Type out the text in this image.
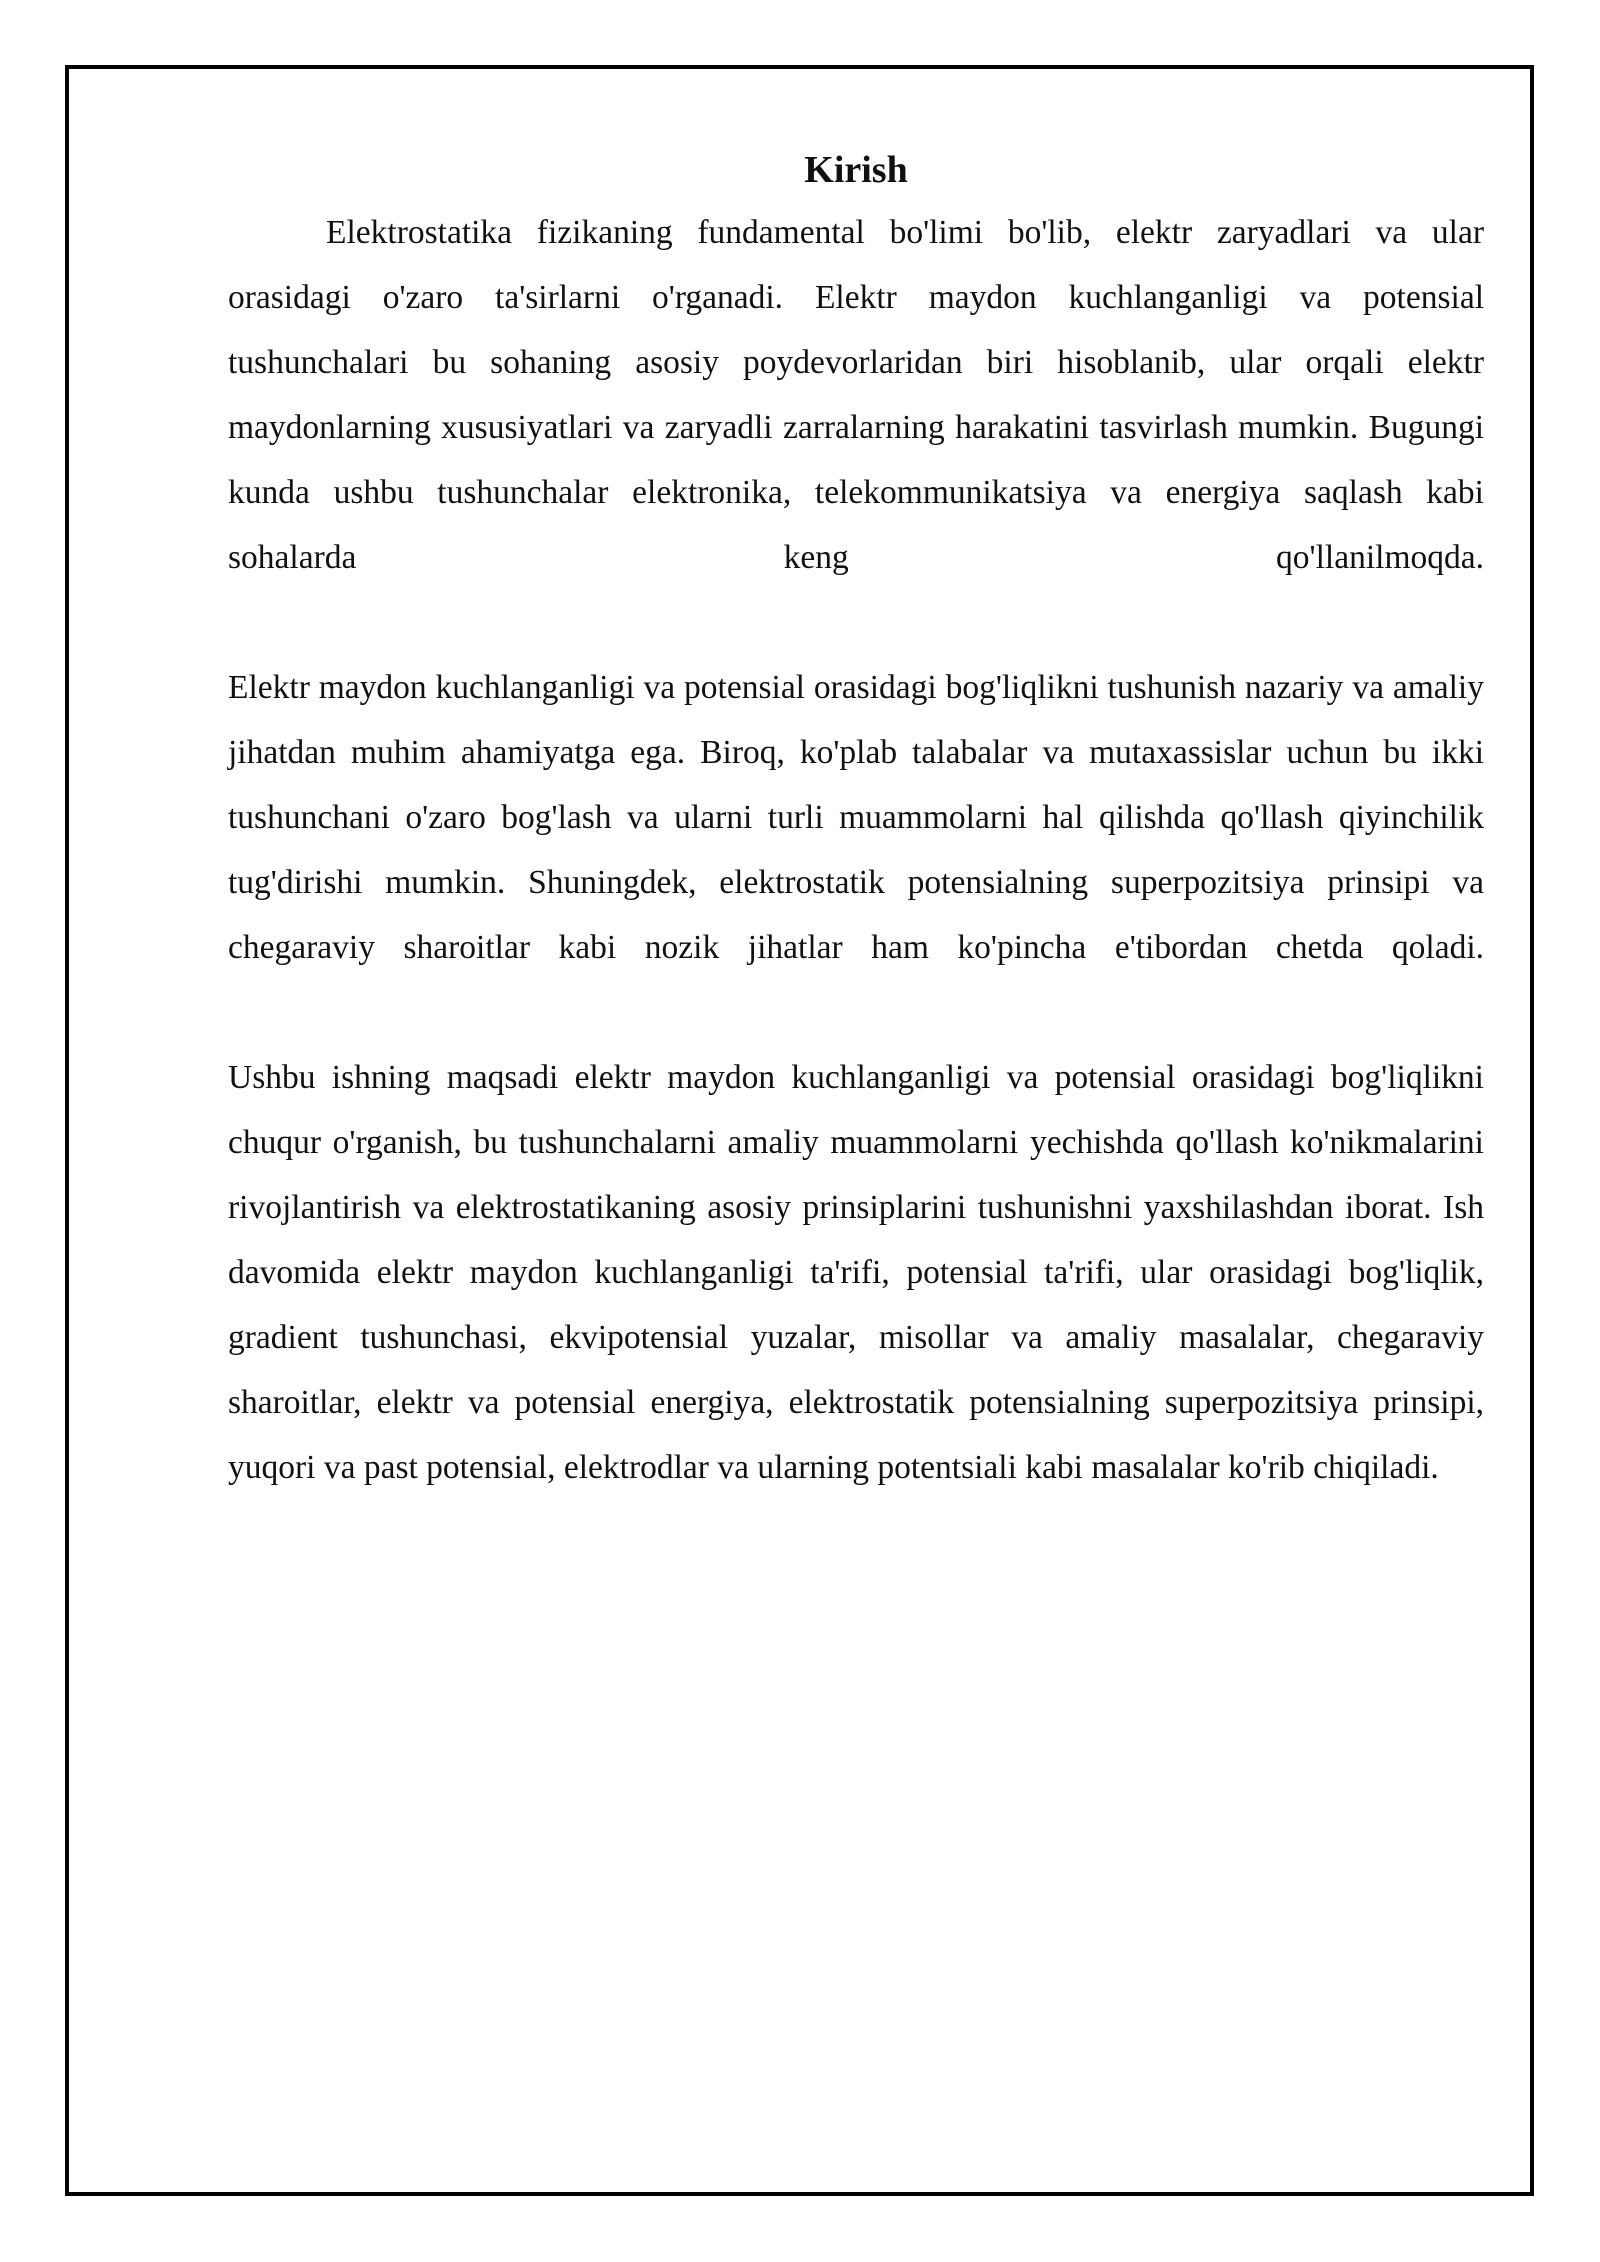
Kirish

Elektrostatika fizikaning fundamental bo'limi bo'lib, elektr zaryadlari va ular orasidagi o'zaro ta'sirlarni o'rganadi. Elektr maydon kuchlanganligi va potensial tushunchalari bu sohaning asosiy poydevorlaridan biri hisoblanib, ular orqali elektr maydonlarning xususiyatlari va zaryadli zarralarning harakatini tasvirlash mumkin. Bugungi kunda ushbu tushunchalar elektronika, telekommunikatsiya va energiya saqlash kabi sohalarda keng qo'llanilmoqda.

Elektr maydon kuchlanganligi va potensial orasidagi bog'liqlikni tushunish nazariy va amaliy jihatdan muhim ahamiyatga ega. Biroq, ko'plab talabalar va mutaxassislar uchun bu ikki tushunchani o'zaro bog'lash va ularni turli muammolarni hal qilishda qo'llash qiyinchilik tug'dirishi mumkin. Shuningdek, elektrostatik potensialning superpozitsiya prinsipi va chegaraviy sharoitlar kabi nozik jihatlar ham ko'pincha e'tibordan chetda qoladi.

Ushbu ishning maqsadi elektr maydon kuchlanganligi va potensial orasidagi bog'liqlikni chuqur o'rganish, bu tushunchalarni amaliy muammolarni yechishda qo'llash ko'nikmalarini rivojlantirish va elektrostatikaning asosiy prinsiplarini tushunishni yaxshilashdan iborat. Ish davomida elektr maydon kuchlanganligi ta'rifi, potensial ta'rifi, ular orasidagi bog'liqlik, gradient tushunchasi, ekvipotensial yuzalar, misollar va amaliy masalalar, chegaraviy sharoitlar, elektr va potensial energiya, elektrostatik potensialning superpozitsiya prinsipi, yuqori va past potensial, elektrodlar va ularning potentsiali kabi masalalar ko'rib chiqiladi.
